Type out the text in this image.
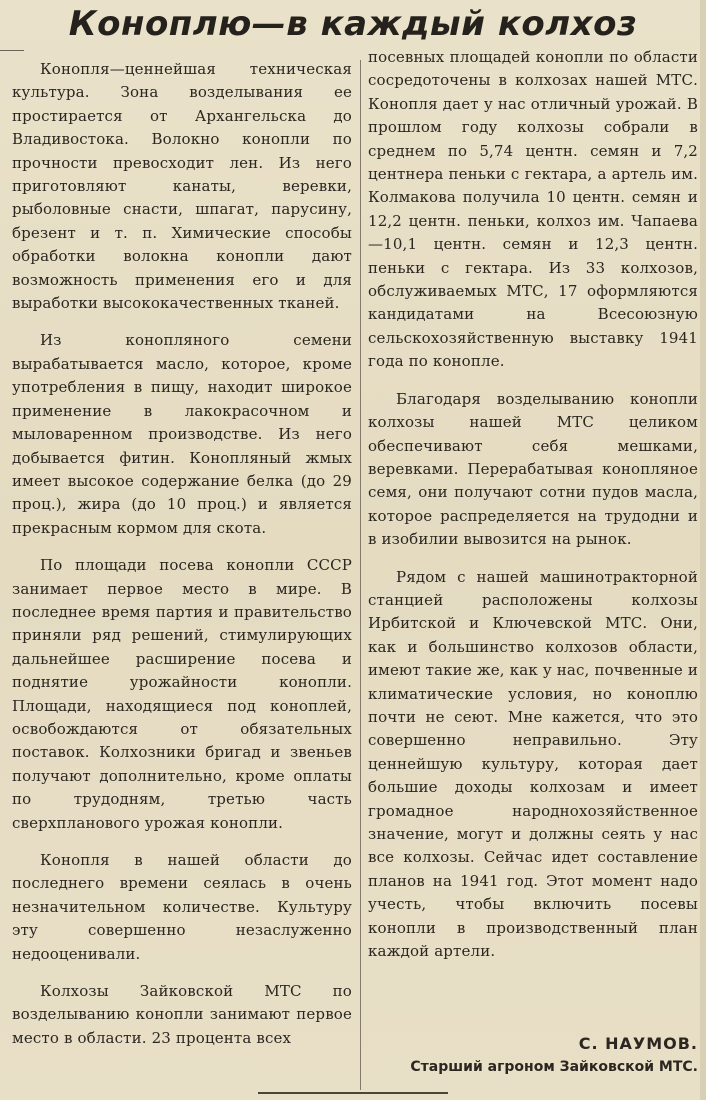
Коноплю—в каждый колхоз

Конопля—ценнейшая техническая культура. Зона возделывания ее простирается от Архангельска до Владивостока. Волокно конопли по прочности превосходит лен. Из него приготовляют канаты, веревки, рыболовные снасти, шпагат, парусину, брезент и т. п. Химические способы обработки волокна конопли дают возможность применения его и для выработки высококачественных тканей.

Из конопляного семени вырабатывается масло, которое, кроме употребления в пищу, находит широкое применение в лакокрасочном и мыловаренном производстве. Из него добывается фитин. Конопляный жмых имеет высокое содержание белка (до 29 проц.), жира (до 10 проц.) и является прекрасным кормом для скота.

По площади посева конопли СССР занимает первое место в мире. В последнее время партия и правительство приняли ряд решений, стимулирующих дальнейшее расширение посева и поднятие урожайности конопли. Площади, находящиеся под коноплей, освобождаются от обязательных поставок. Колхозники бригад и звеньев получают дополнительно, кроме оплаты по трудодням, третью часть сверхпланового урожая конопли.

Конопля в нашей области до последнего времени сеялась в очень незначительном количестве. Культуру эту совершенно незаслуженно недооценивали.

Колхозы Зайковской МТС по возделыванию конопли занимают первое место в области. 23 процента всех

посевных площадей конопли по области сосредоточены в колхозах нашей МТС. Конопля дает у нас отличный урожай. В прошлом году колхозы собрали в среднем по 5,74 центн. семян и 7,2 центнера пеньки с гектара, а артель им. Колмакова получила 10 центн. семян и 12,2 центн. пеньки, колхоз им. Чапаева—10,1 центн. семян и 12,3 центн. пеньки с гектара. Из 33 колхозов, обслуживаемых МТС, 17 оформляются кандидатами на Всесоюзную сельскохозяйственную выставку 1941 года по конопле.

Благодаря возделыванию конопли колхозы нашей МТС целиком обеспечивают себя мешками, веревками. Перерабатывая конопляное семя, они получают сотни пудов масла, которое распределяется на трудодни и в изобилии вывозится на рынок.

Рядом с нашей машинотракторной станцией расположены колхозы Ирбитской и Ключевской МТС. Они, как и большинство колхозов области, имеют такие же, как у нас, почвенные и климатические условия, но коноплю почти не сеют. Мне кажется, что это совершенно неправильно. Эту ценнейшую культуру, которая дает большие доходы колхозам и имеет громадное народнохозяйственное значение, могут и должны сеять у нас все колхозы. Сейчас идет составление планов на 1941 год. Этот момент надо учесть, чтобы включить посевы конопли в производственный план каждой артели.

С. НАУМОВ.
Старший агроном Зайковской МТС.
